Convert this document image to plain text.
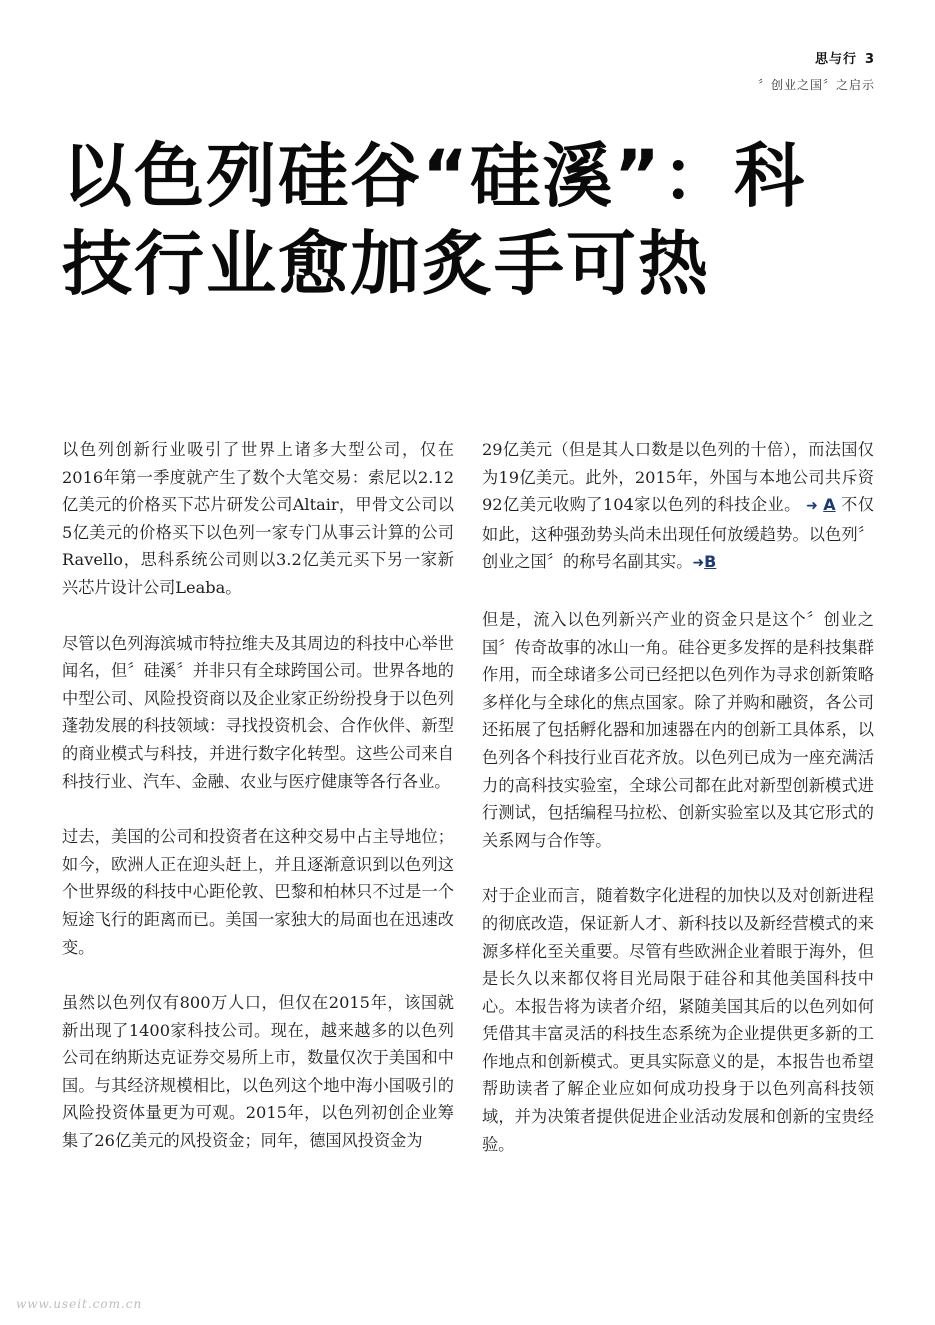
思与行 3
〞创业之国〞之启示
以色列硅谷“硅溪”：科
技行业愈加炙手可热

以色列创新行业吸引了世界上诸多大型公司，仅在2016年第一季度就产生了数个大笔交易：索尼以2.12亿美元的价格买下芯片研发公司Altair，甲骨文公司以5亿美元的价格买下以色列一家专门从事云计算的公司Ravello，思科系统公司则以3.2亿美元买下另一家新兴芯片设计公司Leaba。

尽管以色列海滨城市特拉维夫及其周边的科技中心举世闻名，但〞硅溪〞并非只有全球跨国公司。世界各地的中型公司、风险投资商以及企业家正纷纷投身于以色列蓬勃发展的科技领域：寻找投资机会、合作伙伴、新型的商业模式与科技，并进行数字化转型。这些公司来自科技行业、汽车、金融、农业与医疗健康等各行各业。

过去，美国的公司和投资者在这种交易中占主导地位；如今，欧洲人正在迎头赶上，并且逐渐意识到以色列这个世界级的科技中心距伦敦、巴黎和柏林只不过是一个短途飞行的距离而已。美国一家独大的局面也在迅速改变。

虽然以色列仅有800万人口，但仅在2015年，该国就新出现了1400家科技公司。现在，越来越多的以色列公司在纳斯达克证券交易所上市，数量仅次于美国和中国。与其经济规模相比，以色列这个地中海小国吸引的风险投资体量更为可观。2015年，以色列初创企业筹集了26亿美元的风投资金；同年，德国风投资金为

29亿美元（但是其人口数是以色列的十倍），而法国仅为19亿美元。此外，2015年，外国与本地公司共斥资92亿美元收购了104家以色列的科技企业。 ➜ A 不仅如此，这种强劲势头尚未出现任何放缓趋势。以色列〞创业之国〞的称号名副其实。➜B

但是，流入以色列新兴产业的资金只是这个〞创业之国〞传奇故事的冰山一角。硅谷更多发挥的是科技集群作用，而全球诸多公司已经把以色列作为寻求创新策略多样化与全球化的焦点国家。除了并购和融资，各公司还拓展了包括孵化器和加速器在内的创新工具体系，以色列各个科技行业百花齐放。以色列已成为一座充满活力的高科技实验室，全球公司都在此对新型创新模式进行测试，包括编程马拉松、创新实验室以及其它形式的关系网与合作等。

对于企业而言，随着数字化进程的加快以及对创新进程的彻底改造，保证新人才、新科技以及新经营模式的来源多样化至关重要。尽管有些欧洲企业着眼于海外，但是长久以来都仅将目光局限于硅谷和其他美国科技中心。本报告将为读者介绍，紧随美国其后的以色列如何凭借其丰富灵活的科技生态系统为企业提供更多新的工作地点和创新模式。更具实际意义的是，本报告也希望帮助读者了解企业应如何成功投身于以色列高科技领域，并为决策者提供促进企业活动发展和创新的宝贵经验。

www.useit.com.cn
